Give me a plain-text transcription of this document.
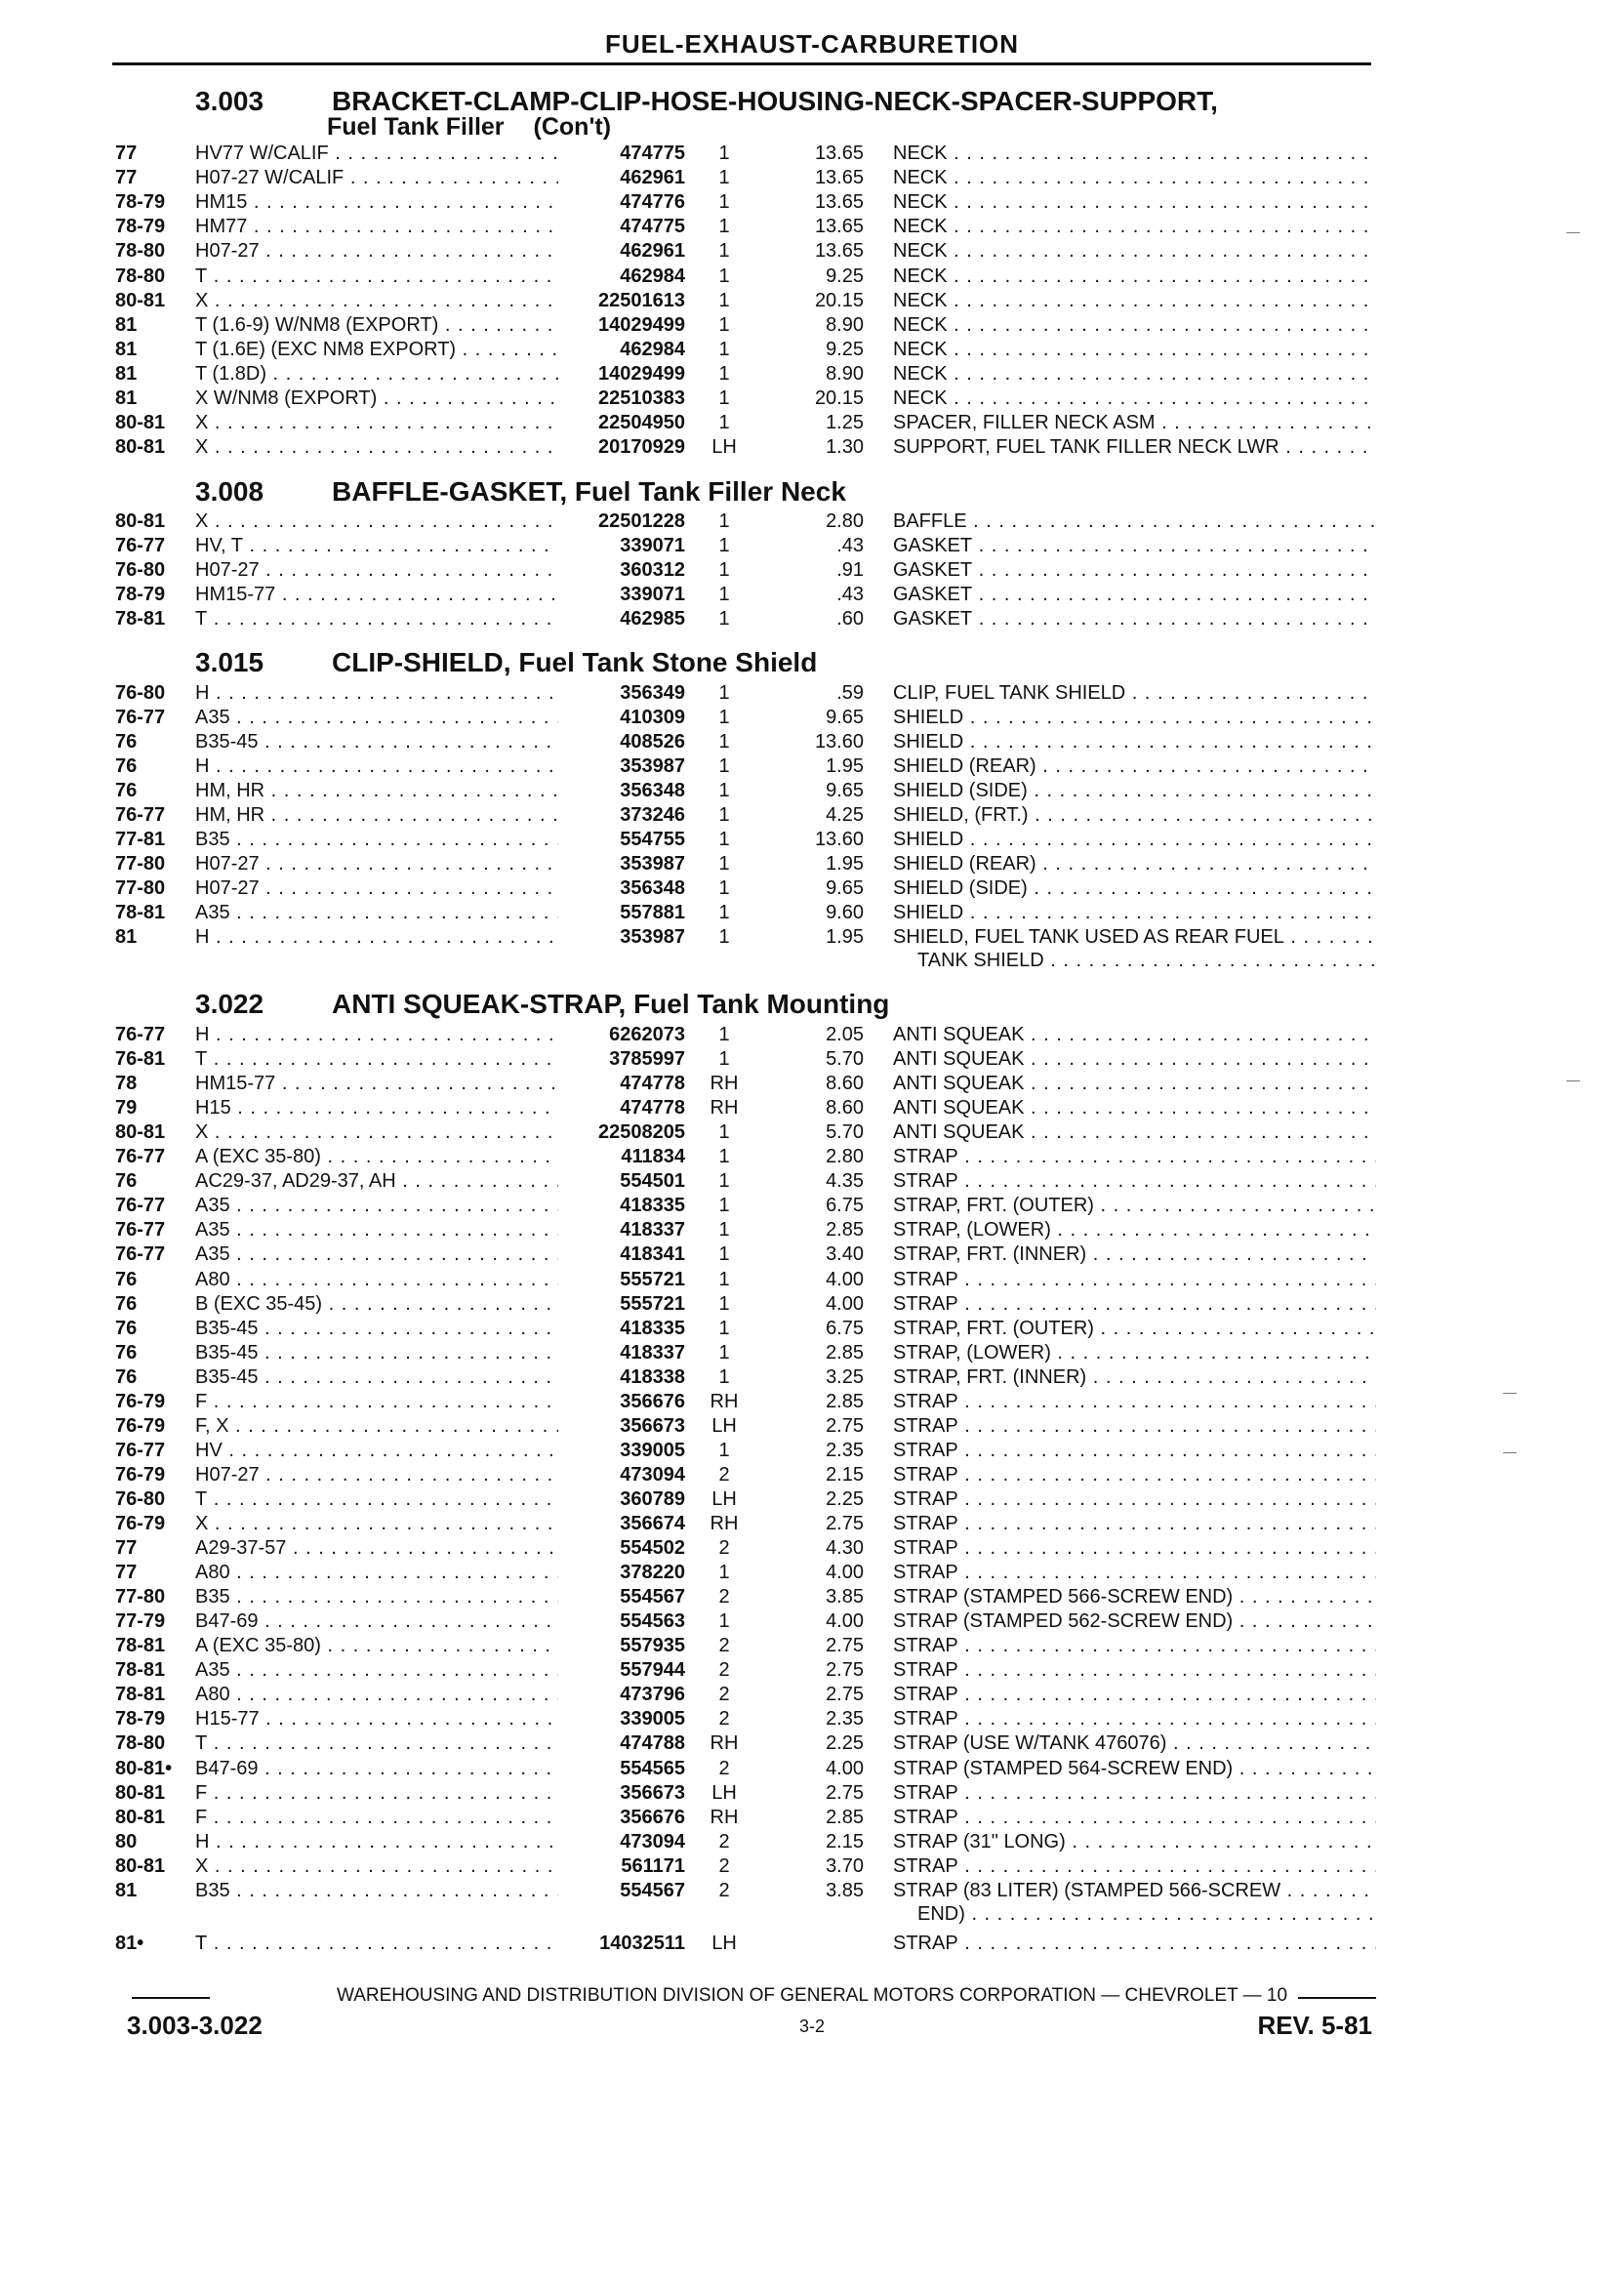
FUEL-EXHAUST-CARBURETION
3.003 BRACKET-CLAMP-CLIP-HOSE-HOUSING-NECK-SPACER-SUPPORT,
Fuel Tank Filler (Con't)
77	HV77 W/CALIF . . .	474775	1	13.65 NECK . . .
77	H07-27 W/CALIF . . .	462961	1	13.65 NECK . . .
78-79 HM15 . . .	474776	1	13.65 NECK . . .
78-79 HM77 . . .	474775	1	13.65 NECK . . .
78-80 H07-27 . . .	462961	1	13.65 NECK . . .
78-80 T . . .	462984	1	9.25 NECK . . .
80-81 X . . .	22501613	1	20.15 NECK . . .
81	T (1.6-9) W/NM8 (EXPORT) . . .	14029499	1	8.90 NECK . . .
81	T (1.6E) (EXC NM8 EXPORT) . . .	462984	1	9.25 NECK . . .
81	T (1.8D) . . .	14029499	1	8.90 NECK . . .
81	X W/NM8 (EXPORT) . . .	22510383	1	20.15 NECK . . .
80-81 X . . .	22504950	1	1.25 SPACER, FILLER NECK ASM . . .
80-81 X . . .	20170929	LH	1.30 SUPPORT, FUEL TANK FILLER NECK LWR . . .
3.008 BAFFLE-GASKET, Fuel Tank Filler Neck
80-81 X . . .	22501228	1	2.80 BAFFLE . . .
76-77 HV, T . . .	339071	1	.43 GASKET . . .
76-80 H07-27 . . .	360312	1	.91 GASKET . . .
78-79 HM15-77 . . .	339071	1	.43 GASKET . . .
78-81 T . . .	462985	1	.60 GASKET . . .
3.015 CLIP-SHIELD, Fuel Tank Stone Shield
76-80 H . . .	356349	1	.59 CLIP, FUEL TANK SHIELD . . .
76-77 A35 . . .	410309	1	9.65 SHIELD . . .
76	B35-45 . . .	408526	1	13.60 SHIELD . . .
76	H . . .	353987	1	1.95 SHIELD (REAR) . . .
76	HM, HR . . .	356348	1	9.65 SHIELD (SIDE) . . .
76-77 HM, HR . . .	373246	1	4.25 SHIELD, (FRT.) . . .
77-81 B35 . . .	554755	1	13.60 SHIELD . . .
77-80 H07-27 . . .	353987	1	1.95 SHIELD (REAR) . . .
77-80 H07-27 . . .	356348	1	9.65 SHIELD (SIDE) . . .
78-81 A35 . . .	557881	1	9.60 SHIELD . . .
81	H . . .	353987	1	1.95 SHIELD, FUEL TANK USED AS REAR FUEL . . .
TANK SHIELD . . .
3.022 ANTI SQUEAK-STRAP, Fuel Tank Mounting
76-77 H . . .	6262073	1	2.05 ANTI SQUEAK . . .
76-81 T . . .	3785997	1	5.70 ANTI SQUEAK . . .
78	HM15-77 . . .	474778	RH	8.60 ANTI SQUEAK . . .
79	H15 . . .	474778	RH	8.60 ANTI SQUEAK . . .
80-81 X . . .	22508205	1	5.70 ANTI SQUEAK . . .
76-77 A (EXC 35-80) . . .	411834	1	2.80 STRAP . . .
76	AC29-37, AD29-37, AH . . .	554501	1	4.35 STRAP . . .
76-77 A35 . . .	418335	1	6.75 STRAP, FRT. (OUTER) . . .
76-77 A35 . . .	418337	1	2.85 STRAP, (LOWER) . . .
76-77 A35 . . .	418341	1	3.40 STRAP, FRT. (INNER) . . .
76	A80 . . .	555721	1	4.00 STRAP . . .
76	B (EXC 35-45) . . .	555721	1	4.00 STRAP . . .
76	B35-45 . . .	418335	1	6.75 STRAP, FRT. (OUTER) . . .
76	B35-45 . . .	418337	1	2.85 STRAP, (LOWER) . . .
76	B35-45 . . .	418338	1	3.25 STRAP, FRT. (INNER) . . .
76-79 F . . .	356676	RH	2.85 STRAP . . .
76-79 F, X . . .	356673	LH	2.75 STRAP . . .
76-77 HV . . .	339005	1	2.35 STRAP . . .
76-79 H07-27 . . .	473094	2	2.15 STRAP . . .
76-80 T . . .	360789	LH	2.25 STRAP . . .
76-79 X . . .	356674	RH	2.75 STRAP . . .
77	A29-37-57 . . .	554502	2	4.30 STRAP . . .
77	A80 . . .	378220	1	4.00 STRAP . . .
77-80 B35 . . .	554567	2	3.85 STRAP (STAMPED 566-SCREW END) . . .
77-79 B47-69 . . .	554563	1	4.00 STRAP (STAMPED 562-SCREW END) . . .
78-81 A (EXC 35-80) . . .	557935	2	2.75 STRAP . . .
78-81 A35 . . .	557944	2	2.75 STRAP . . .
78-81 A80 . . .	473796	2	2.75 STRAP . . .
78-79 H15-77 . . .	339005	2	2.35 STRAP . . .
78-80 T . . .	474788	RH	2.25 STRAP (USE W/TANK 476076) . . .
80-81• B47-69 . . .	554565	2	4.00 STRAP (STAMPED 564-SCREW END) . . .
80-81 F . . .	356673	LH	2.75 STRAP . . .
80-81 F . . .	356676	RH	2.85 STRAP . . .
80	H . . .	473094	2	2.15 STRAP (31" LONG) . . .
80-81 X . . .	561171	2	3.70 STRAP . . .
81	B35 . . .	554567	2	3.85 STRAP (83 LITER) (STAMPED 566-SCREW . . .
END) . . .
81•	T . . .	14032511	LH	STRAP . . .
WAREHOUSING AND DISTRIBUTION DIVISION OF GENERAL MOTORS CORPORATION — CHEVROLET — 10
3.003-3.022	3-2	REV. 5-81
